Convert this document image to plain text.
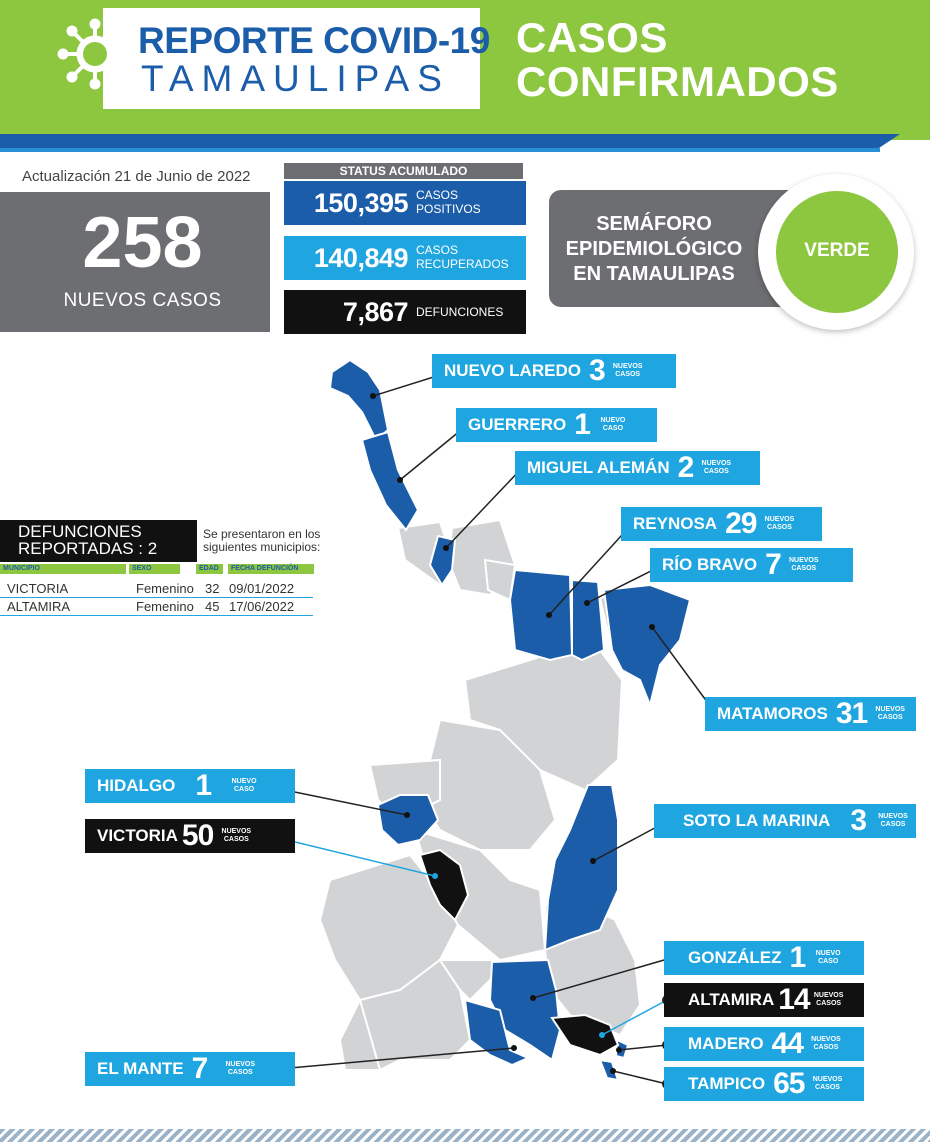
REPORTE COVID-19
TAMAULIPAS
CASOS
CONFIRMADOS
Actualización 21 de Junio de 2022
258
NUEVOS CASOS
STATUS ACUMULADO
150,395 CASOS
POSITIVOS
140,849 CASOS
RECUPERADOS
7,867 DEFUNCIONES
SEMÁFORO
EPIDEMIOLÓGICO
EN TAMAULIPAS
VERDE
DEFUNCIONES
REPORTADAS : 2
Se presentaron en los
siguientes municipios:
MUNICIPIO	SEXO	EDAD	FECHA DEFUNCIÓN
VICTORIA	Femenino 32 09/01/2022
ALTAMIRA	Femenino 45 17/06/2022
NUEVO LAREDO 3 NUEVOS CASOS
GUERRERO 1	NUEVO CASO
MIGUEL ALEMÁN 2 NUEVOS CASOS
REYNOSA 29 NUEVOS CASOS
RÍO BRAVO 7 NUEVOS CASOS
MATAMOROS 31 NUEVOS CASOS
HIDALGO 1	NUEVO CASO
VICTORIA 50 NUEVOS CASOS
SOTO LA MARINA 3 NUEVOS CASOS
GONZÁLEZ 1	NUEVO CASO
ALTAMIRA 14 NUEVOS CASOS
MADERO 44 NUEVOS CASOS
EL MANTE 7	NUEVOS CASOS
TAMPICO 65 NUEVOS CASOS
